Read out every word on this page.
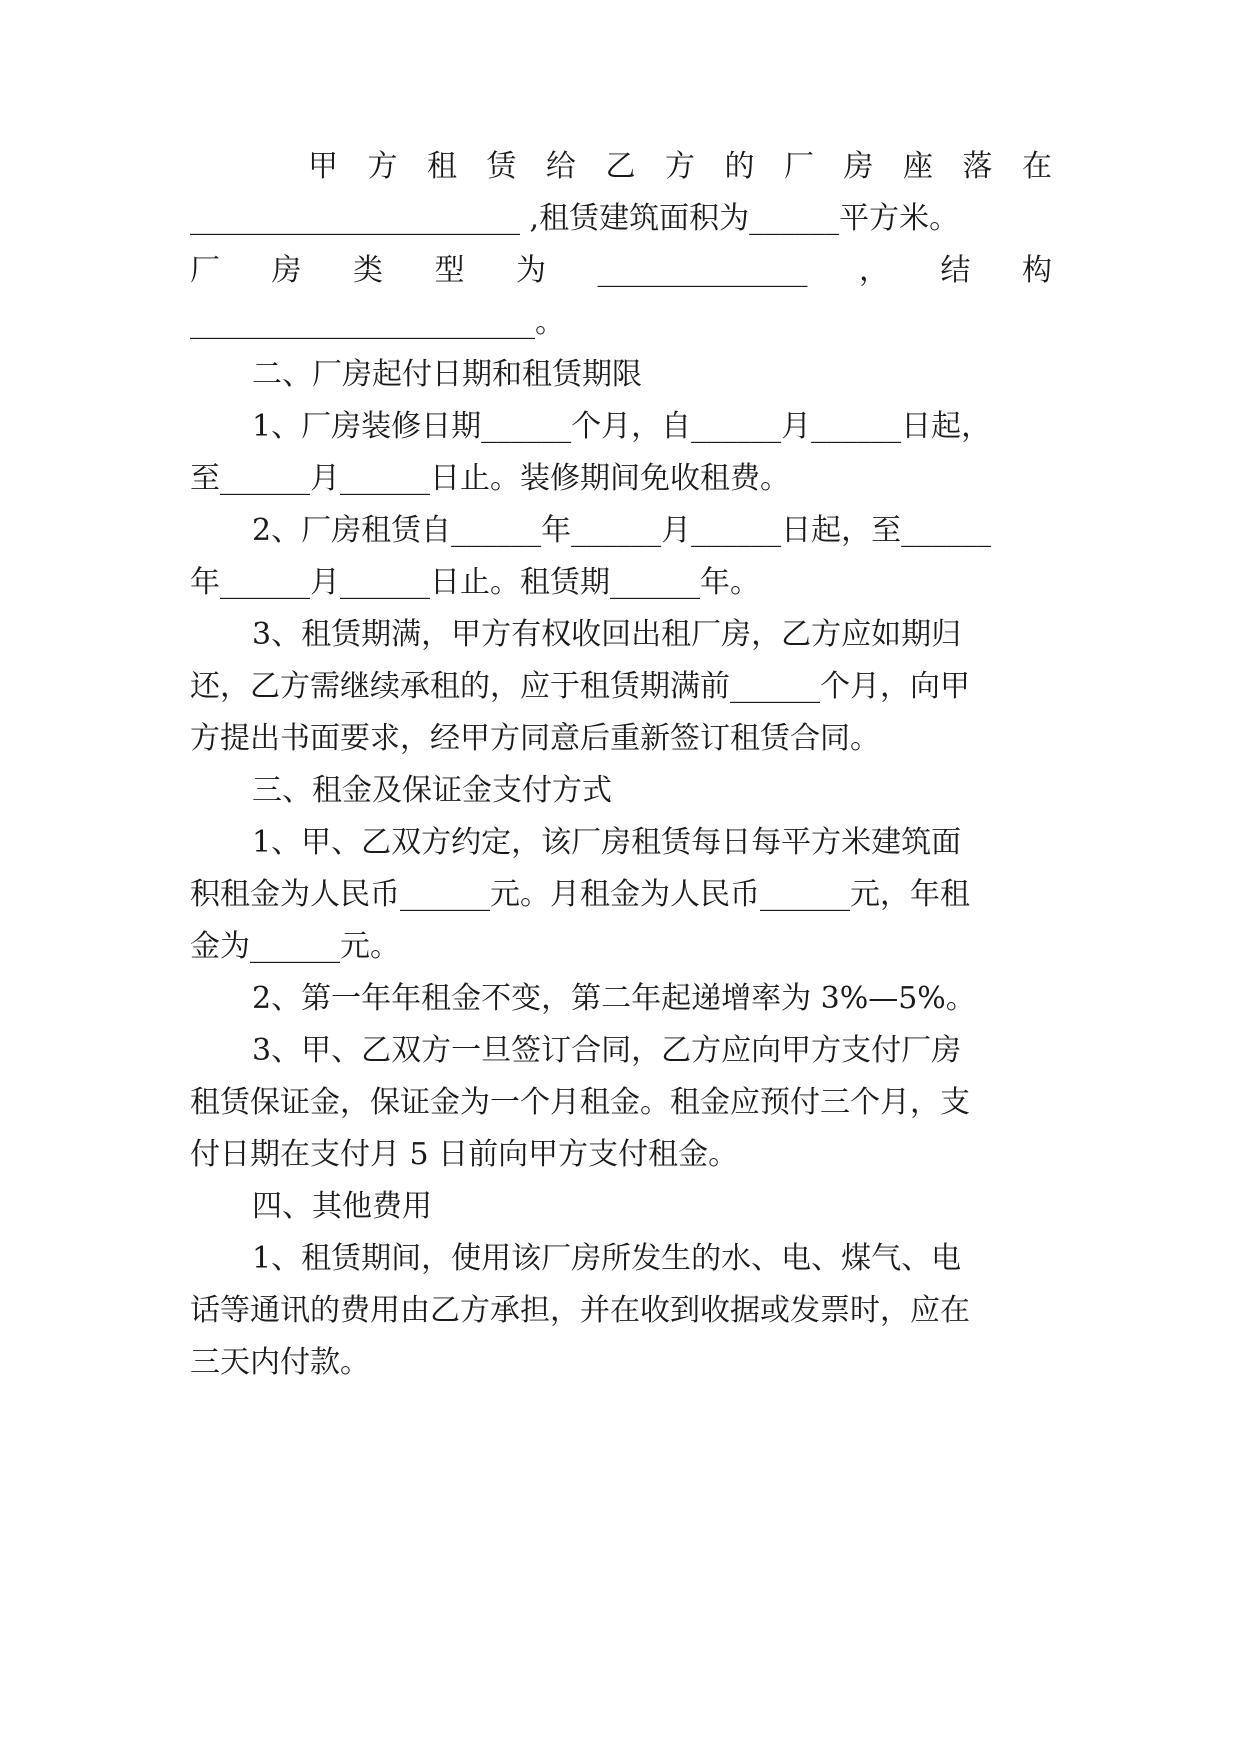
甲方租赁给乙方的厂房座落在
______________________ ,租赁建筑面积为______平方米。
厂房类型为______________，结构
_______________________。
二、厂房起付日期和租赁期限
1、厂房装修日期______个月，自______月______日起，
至______月______日止。装修期间免收租费。
2、厂房租赁自______年______月______日起，至______
年______月______日止。租赁期______年。
3、租赁期满，甲方有权收回出租厂房，乙方应如期归
还，乙方需继续承租的，应于租赁期满前______个月，向甲
方提出书面要求，经甲方同意后重新签订租赁合同。
三、租金及保证金支付方式
1、甲、乙双方约定，该厂房租赁每日每平方米建筑面
积租金为人民币______元。月租金为人民币______元，年租
金为______元。
2、第一年年租金不变，第二年起递增率为 3%—5%。
3、甲、乙双方一旦签订合同，乙方应向甲方支付厂房
租赁保证金，保证金为一个月租金。租金应预付三个月，支
付日期在支付月 5 日前向甲方支付租金。
四、其他费用
1、租赁期间，使用该厂房所发生的水、电、煤气、电
话等通讯的费用由乙方承担，并在收到收据或发票时，应在
三天内付款。
